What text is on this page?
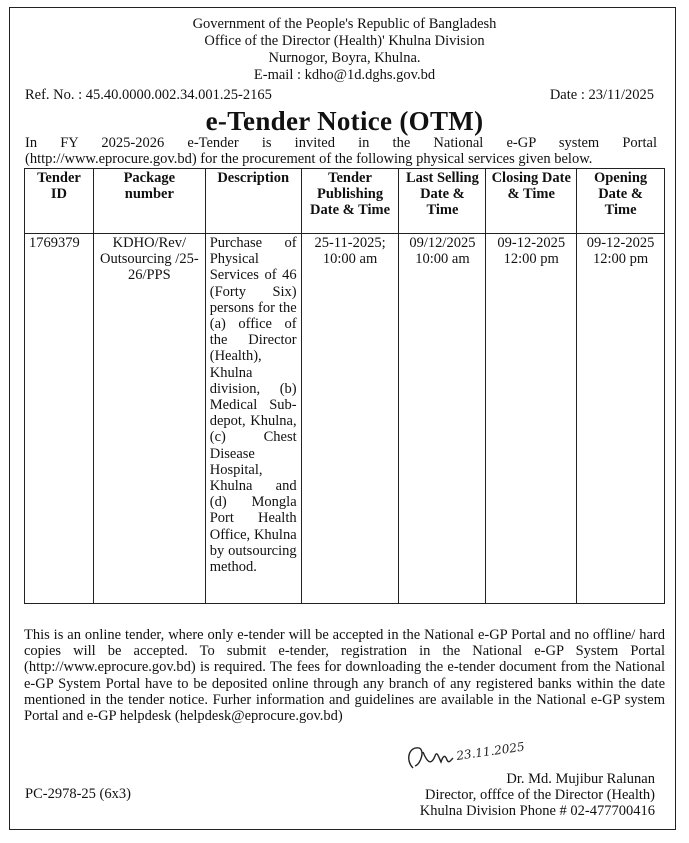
Government of the People's Republic of Bangladesh
Office of the Director (Health)' Khulna Division
Nurnogor, Boyra, Khulna.
E-mail : kdho@1d.dghs.gov.bd
Ref. No. : 45.40.0000.002.34.001.25-2165	Date : 23/11/2025
e-Tender Notice (OTM)
In FY 2025-2026 e-Tender is invited in the National e-GP system Portal
(http://www.eprocure.gov.bd) for the procurement of the following physical services given below.
Tender ID	Package number	Description	Tender Publishing Date & Time	Last Selling Date & Time	Closing Date & Time	Opening Date & Time
1769379	KDHO/Rev/ Outsourcing /25-26/PPS	Purchase of Physical Services of 46 (Forty Six) persons for the (a) office of the Director (Health), Khulna division, (b) Medical Sub-depot, Khulna, (c) Chest Disease Hospital, Khulna and (d) Mongla Port Health Office, Khulna by outsourcing method.	25-11-2025; 10:00 am	09/12/2025 10:00 am	09-12-2025 12:00 pm	09-12-2025 12:00 pm
This is an online tender, where only e-tender will be accepted in the National e-GP Portal and no offline/ hard copies will be accepted. To submit e-tender, registration in the National e-GP System Portal (http://www.eprocure.gov.bd) is required. The fees for downloading the e-tender document from the National e-GP System Portal have to be deposited online through any branch of any registered banks within the date mentioned in the tender notice. Furher information and guidelines are available in the National e-GP system Portal and e-GP helpdesk (helpdesk@eprocure.gov.bd)
23.11.2025
Dr. Md. Mujibur Ralunan
Director, offfce of the Director (Health)
Khulna Division Phone # 02-477700416
PC-2978-25 (6x3)
